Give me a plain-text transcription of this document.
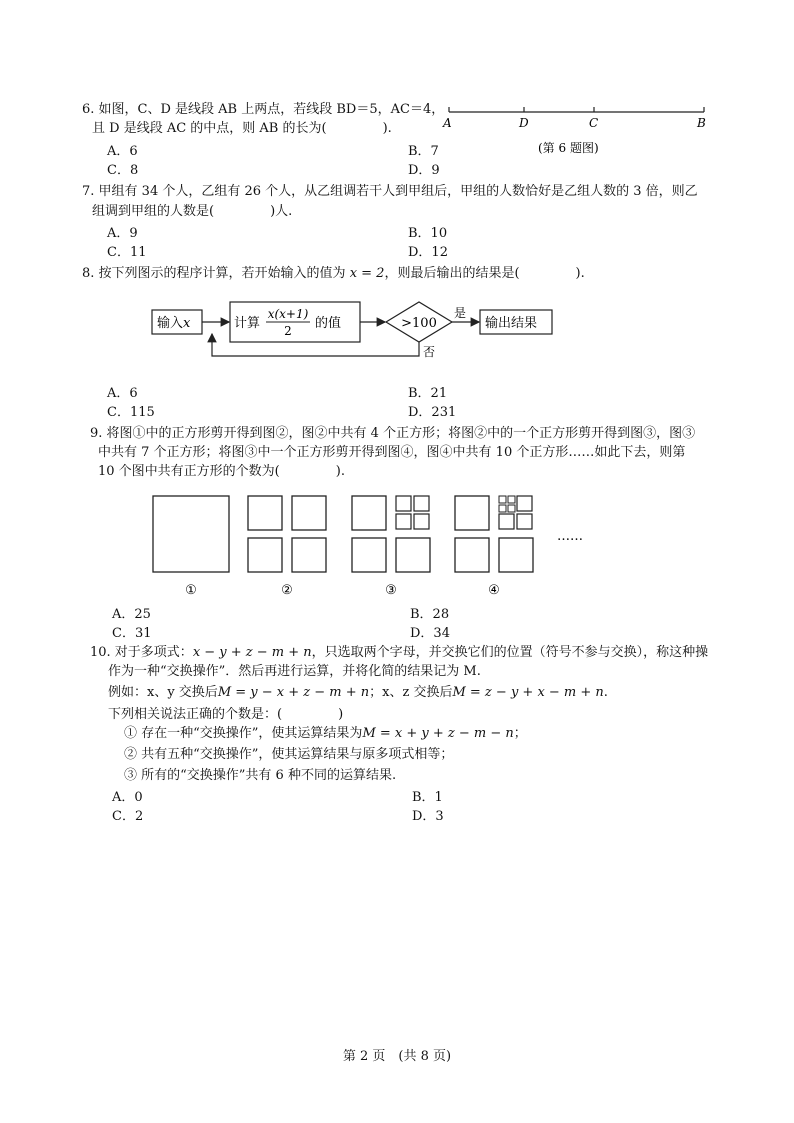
6. 如图，C、D 是线段 AB 上两点，若线段 BD＝5，AC＝4，
且 D 是线段 AC 的中点，则 AB 的长为(	).
A．6	B．7
C．8	D．9
A	D	C	B
(第 6 题图)
7. 甲组有 34 个人，乙组有 26 个人，从乙组调若干人到甲组后，甲组的人数恰好是乙组人数的 3 倍，则乙
组调到甲组的人数是(	)人.
A．9	B．10
C．11	D．12
8. 按下列图示的程序计算，若开始输入的值为 x = 2，则最后输出的结果是(	).
输入x	计算
x(x+1)
2 的值	>100
是
输出结果
否
A．6	B．21
C．115	D．231
9. 将图①中的正方形剪开得到图②，图②中共有 4 个正方形；将图②中的一个正方形剪开得到图③，图③
中共有 7 个正方形；将图③中一个正方形剪开得到图④，图④中共有 10 个正方形……如此下去，则第
10 个图中共有正方形的个数为(	).
……
①	②	③	④
A．25	B．28
C．31	D．34
10. 对于多项式：x − y + z − m + n，只选取两个字母，并交换它们的位置（符号不参与交换），称这种操
作为一种“交换操作”．然后再进行运算，并将化简的结果记为 M.
例如：x、y 交换后M = y − x + z − m + n；x、z 交换后M = z − y + x − m + n.
下列相关说法正确的个数是：(	)
① 存在一种“交换操作”，使其运算结果为M = x + y + z − m − n；
② 共有五种“交换操作”，使其运算结果与原多项式相等；
③ 所有的“交换操作”共有 6 种不同的运算结果.
A．0	B．1
C．2	D．3
第 2 页　(共 8 页)
